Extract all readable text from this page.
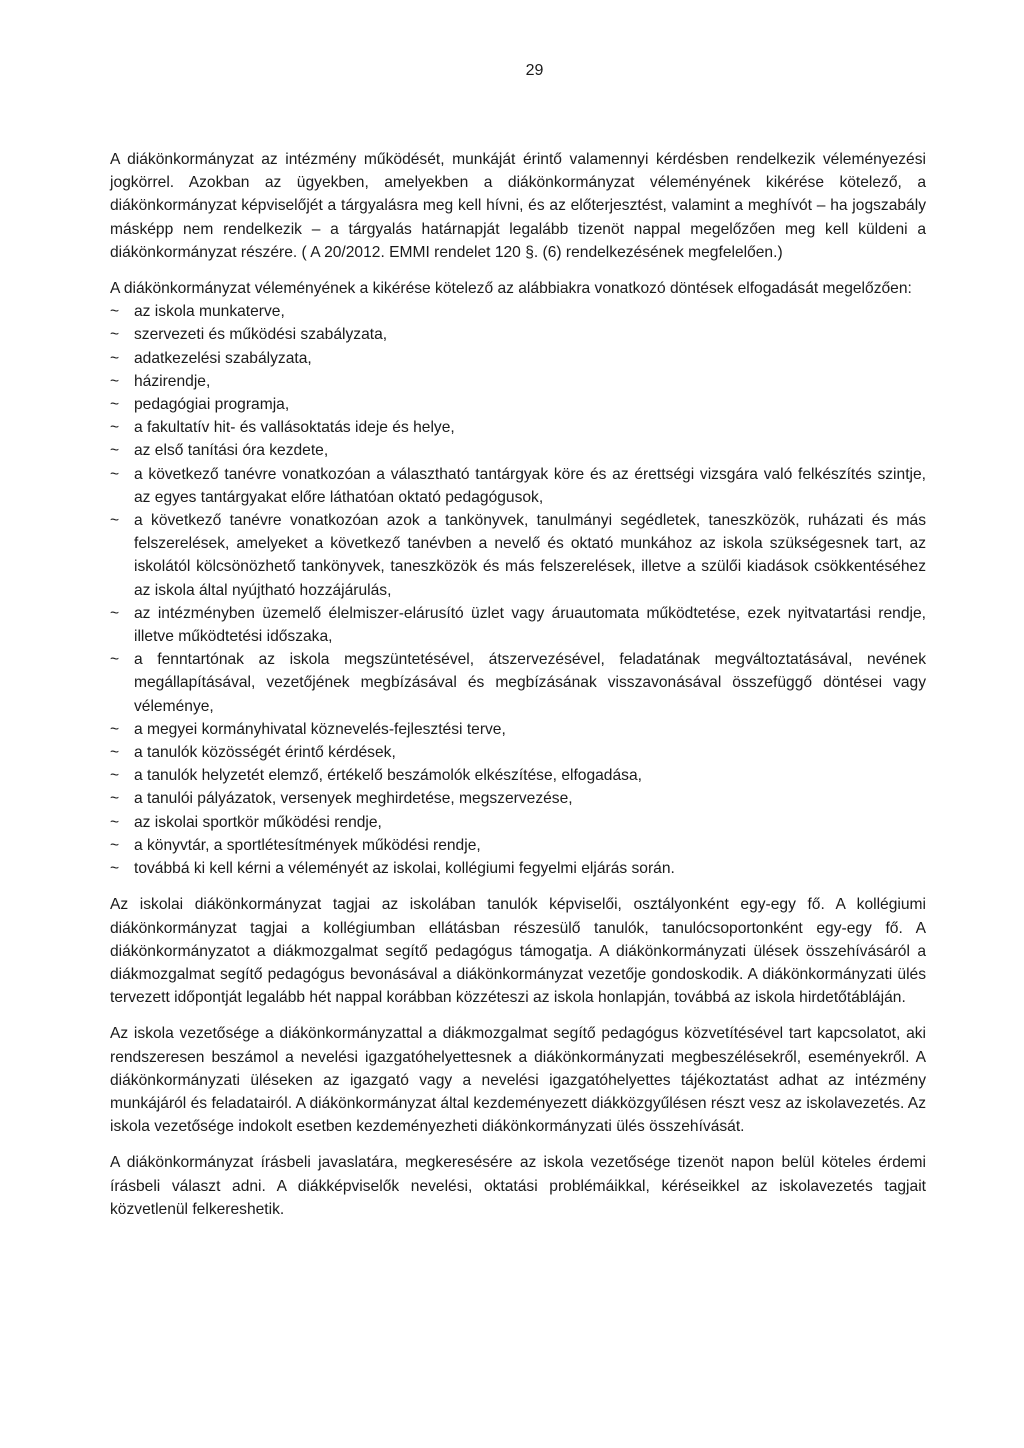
29

A diákönkormányzat az intézmény működését, munkáját érintő valamennyi kérdésben rendelkezik véleményezési jogkörrel. Azokban az ügyekben, amelyekben a diákönkormányzat véleményének kikérése kötelező, a diákönkormányzat képviselőjét a tárgyalásra meg kell hívni, és az előterjesztést, valamint a meghívót – ha jogszabály másképp nem rendelkezik – a tárgyalás határnapját legalább tizenöt nappal megelőzően meg kell küldeni a diákönkormányzat részére. ( A 20/2012. EMMI rendelet 120 §. (6) rendelkezésének megfelelően.)

A diákönkormányzat véleményének a kikérése kötelező az alábbiakra vonatkozó döntések elfogadását megelőzően:

~ az iskola munkaterve,
~ szervezeti és működési szabályzata,
~ adatkezelési szabályzata,
~ házirendje,
~ pedagógiai programja,
~ a fakultatív hit- és vallásoktatás ideje és helye,
~ az első tanítási óra kezdete,
~ a következő tanévre vonatkozóan a választható tantárgyak köre és az érettségi vizsgára való felkészítés szintje, az egyes tantárgyakat előre láthatóan oktató pedagógusok,
~ a következő tanévre vonatkozóan azok a tankönyvek, tanulmányi segédletek, taneszközök, ruházati és más felszerelések, amelyeket a következő tanévben a nevelő és oktató munkához az iskola szükségesnek tart, az iskolától kölcsönözhető tankönyvek, taneszközök és más felszerelések, illetve a szülői kiadások csökkentéséhez az iskola által nyújtható hozzájárulás,
~ az intézményben üzemelő élelmiszer-elárusító üzlet vagy áruautomata működtetése, ezek nyitvatartási rendje, illetve működtetési időszaka,
~ a fenntartónak az iskola megszüntetésével, átszervezésével, feladatának megváltoztatásával, nevének megállapításával, vezetőjének megbízásával és megbízásának visszavonásával összefüggő döntései vagy véleménye,
~ a megyei kormányhivatal köznevelés-fejlesztési terve,
~ a tanulók közösségét érintő kérdések,
~ a tanulók helyzetét elemző, értékelő beszámolók elkészítése, elfogadása,
~ a tanulói pályázatok, versenyek meghirdetése, megszervezése,
~ az iskolai sportkör működési rendje,
~ a könyvtár, a sportlétesítmények működési rendje,
~ továbbá ki kell kérni a véleményét az iskolai, kollégiumi fegyelmi eljárás során.

Az iskolai diákönkormányzat tagjai az iskolában tanulók képviselői, osztályonként egy-egy fő. A kollégiumi diákönkormányzat tagjai a kollégiumban ellátásban részesülő tanulók, tanulócsoportonként egy-egy fő. A diákönkormányzatot a diákmozgalmat segítő pedagógus támogatja. A diákönkormányzati ülések összehívásáról a diákmozgalmat segítő pedagógus bevonásával a diákönkormányzat vezetője gondoskodik. A diákönkormányzati ülés tervezett időpontját legalább hét nappal korábban közzéteszi az iskola honlapján, továbbá az iskola hirdetőtábláján.

Az iskola vezetősége a diákönkormányzattal a diákmozgalmat segítő pedagógus közvetítésével tart kapcsolatot, aki rendszeresen beszámol a nevelési igazgatóhelyettesnek a diákönkormányzati megbeszélésekről, eseményekről. A diákönkormányzati üléseken az igazgató vagy a nevelési igazgatóhelyettes tájékoztatást adhat az intézmény munkájáról és feladatairól. A diákönkormányzat által kezdeményezett diákközgyűlésen részt vesz az iskolavezetés. Az iskola vezetősége indokolt esetben kezdeményezheti diákönkormányzati ülés összehívását.

A diákönkormányzat írásbeli javaslatára, megkeresésére az iskola vezetősége tizenöt napon belül köteles érdemi írásbeli választ adni. A diákképviselők nevelési, oktatási problémáikkal, kéréseikkel az iskolavezetés tagjait közvetlenül felkereshetik.
